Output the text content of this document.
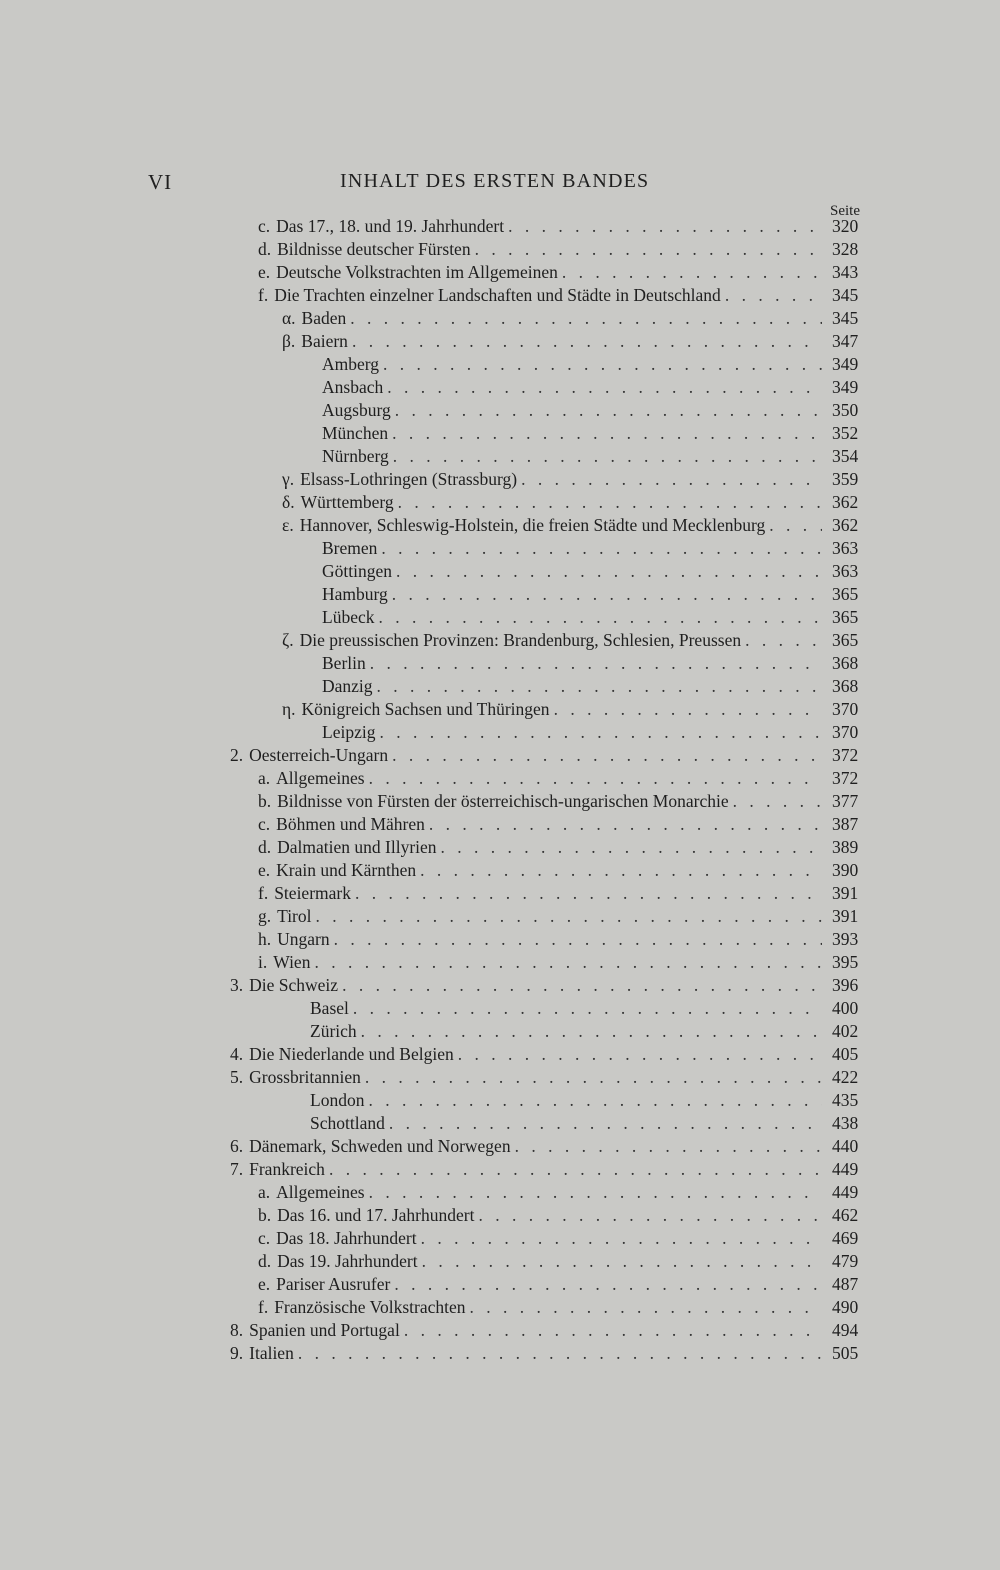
VI	INHALT DES ERSTEN BANDES
Seite
c. Das 17., 18. und 19. Jahrhundert . . .	320
d. Bildnisse deutscher Fürsten . . .	328
e. Deutsche Volkstrachten im Allgemeinen . . .	343
f. Die Trachten einzelner Landschaften und Städte in Deutschland . . .	345
α. Baden . . .	345
β. Baiern . . .	347
Amberg . . .	349
Ansbach . . .	349
Augsburg . . .	350
München . . .	352
Nürnberg . . .	354
γ. Elsass-Lothringen (Strassburg) . . .	359
δ. Württemberg . . .	362
ε. Hannover, Schleswig-Holstein, die freien Städte und Mecklenburg . . .	362
Bremen . . .	363
Göttingen . . .	363
Hamburg . . .	365
Lübeck . . .	365
ζ. Die preussischen Provinzen: Brandenburg, Schlesien, Preussen . . .	365
Berlin . . .	368
Danzig . . .	368
η. Königreich Sachsen und Thüringen . . .	370
Leipzig . . .	370
2. Oesterreich-Ungarn . . .	372
a. Allgemeines . . .	372
b. Bildnisse von Fürsten der österreichisch-ungarischen Monarchie . . .	377
c. Böhmen und Mähren . . .	387
d. Dalmatien und Illyrien . . .	389
e. Krain und Kärnthen . . .	390
f. Steiermark . . .	391
g. Tirol . . .	391
h. Ungarn . . .	393
i. Wien . . .	395
3. Die Schweiz . . .	396
Basel . . .	400
Zürich . . .	402
4. Die Niederlande und Belgien . . .	405
5. Grossbritannien . . .	422
London . . .	435
Schottland . . .	438
6. Dänemark, Schweden und Norwegen . . .	440
7. Frankreich . . .	449
a. Allgemeines . . .	449
b. Das 16. und 17. Jahrhundert . . .	462
c. Das 18. Jahrhundert . . .	469
d. Das 19. Jahrhundert . . .	479
e. Pariser Ausrufer . . .	487
f. Französische Volkstrachten . . .	490
8. Spanien und Portugal . . .	494
9. Italien . . .	505
